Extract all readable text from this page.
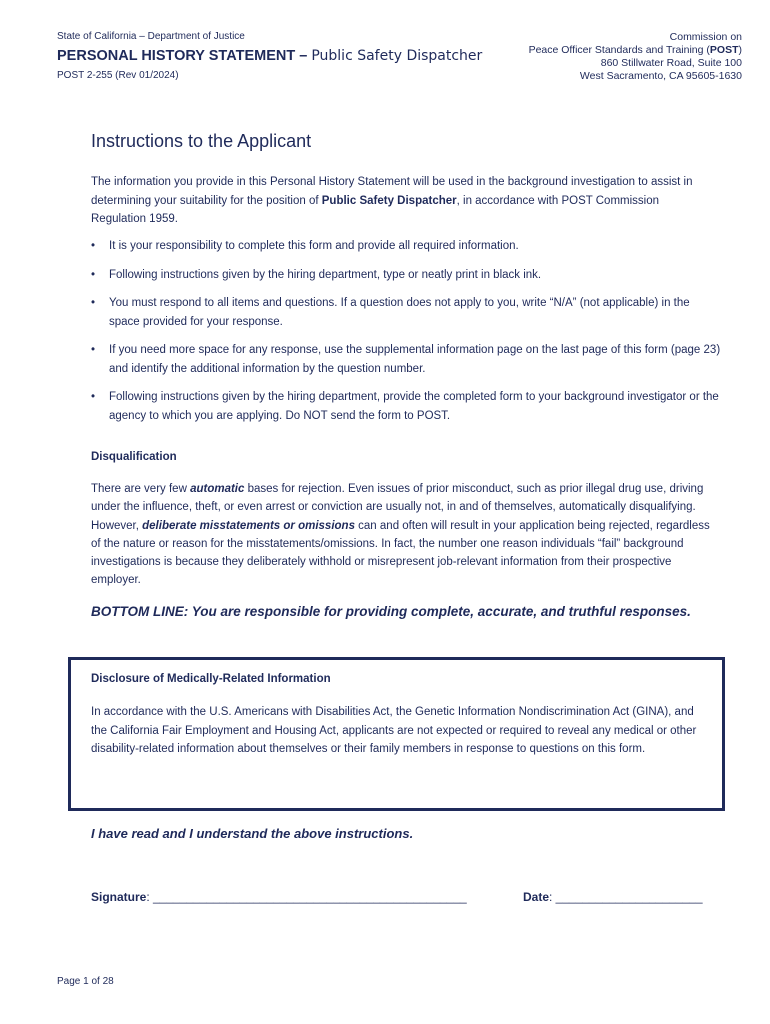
State of California – Department of Justice
PERSONAL HISTORY STATEMENT – Public Safety Dispatcher
POST 2-255 (Rev 01/2024)
Commission on
Peace Officer Standards and Training (POST)
860 Stillwater Road, Suite 100
West Sacramento, CA 95605-1630
Instructions to the Applicant
The information you provide in this Personal History Statement will be used in the background investigation to assist in determining your suitability for the position of Public Safety Dispatcher, in accordance with POST Commission Regulation 1959.
• It is your responsibility to complete this form and provide all required information.
• Following instructions given by the hiring department, type or neatly print in black ink.
• You must respond to all items and questions. If a question does not apply to you, write “N/A” (not applicable) in the space provided for your response.
• If you need more space for any response, use the supplemental information page on the last page of this form (page 23) and identify the additional information by the question number.
• Following instructions given by the hiring department, provide the completed form to your background investigator or the agency to which you are applying. Do NOT send the form to POST.
Disqualification
There are very few automatic bases for rejection. Even issues of prior misconduct, such as prior illegal drug use, driving under the influence, theft, or even arrest or conviction are usually not, in and of themselves, automatically disqualifying. However, deliberate misstatements or omissions can and often will result in your application being rejected, regardless of the nature or reason for the misstatements/omissions. In fact, the number one reason individuals “fail” background investigations is because they deliberately withhold or misrepresent job-relevant information from their prospective employer.
BOTTOM LINE: You are responsible for providing complete, accurate, and truthful responses.
Disclosure of Medically-Related Information
In accordance with the U.S. Americans with Disabilities Act, the Genetic Information Nondiscrimination Act (GINA), and the California Fair Employment and Housing Act, applicants are not expected or required to reveal any medical or other disability-related information about themselves or their family members in response to questions on this form.
I have read and I understand the above instructions.
Signature: _______________________________________________	Date: ______________________
Page 1 of 28
